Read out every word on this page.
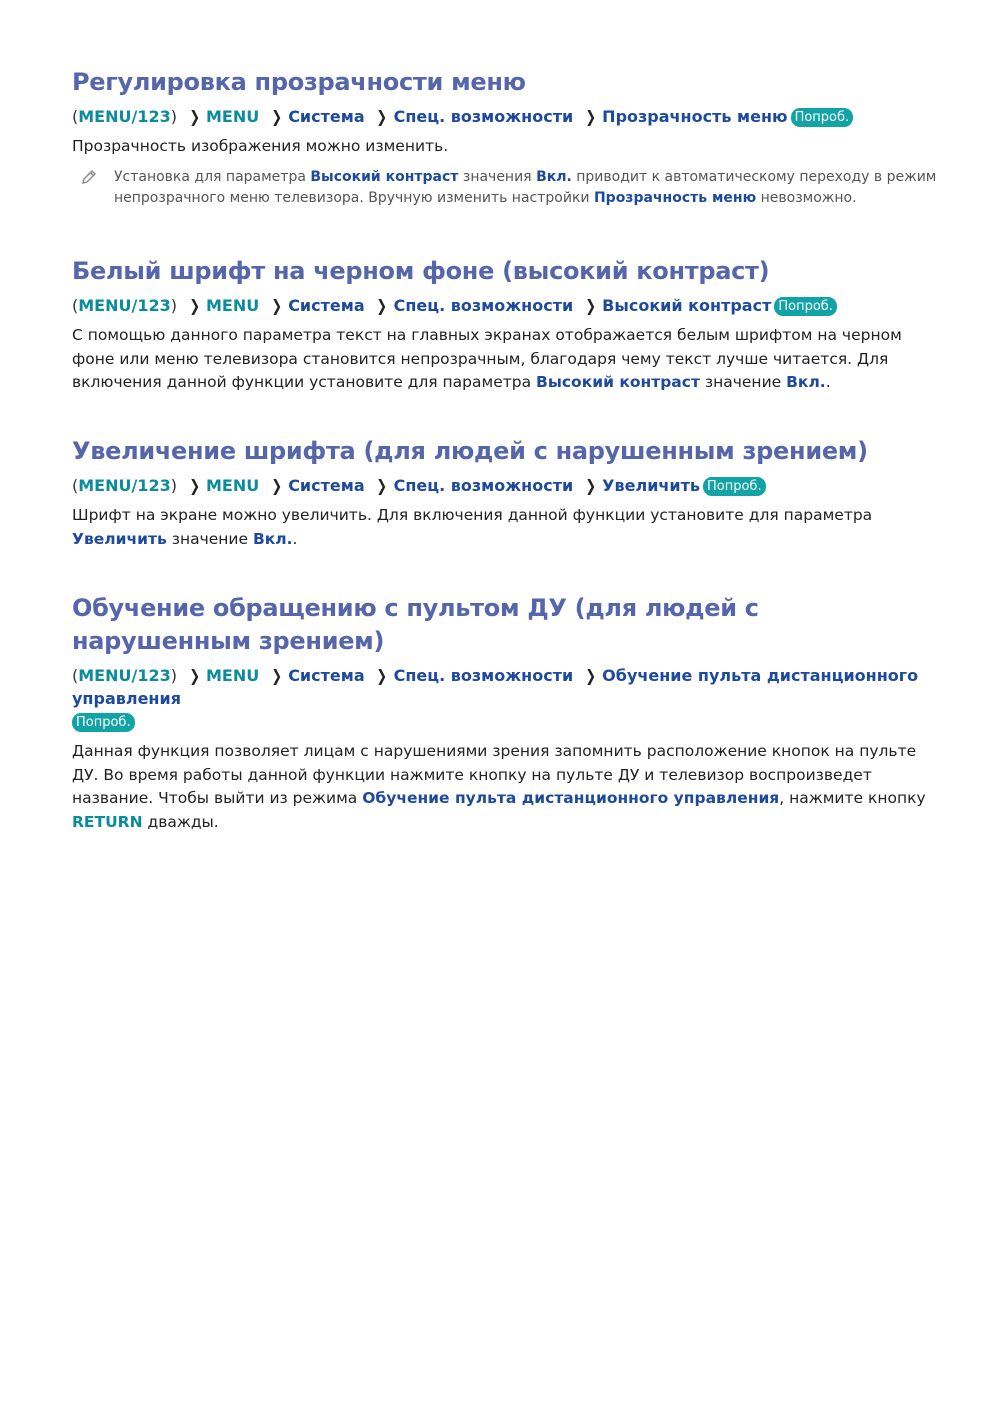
Регулировка прозрачности меню
(MENU/123) ❯ MENU ❯ Система ❯ Спец. возможности ❯ Прозрачность меню Попроб.

Прозрачность изображения можно изменить.

Установка для параметра Высокий контраст значения Вкл. приводит к автоматическому переходу в режим непрозрачного меню телевизора. Вручную изменить настройки Прозрачность меню невозможно.
Белый шрифт на черном фоне (высокий контраст)
(MENU/123) ❯ MENU ❯ Система ❯ Спец. возможности ❯ Высокий контраст Попроб.

С помощью данного параметра текст на главных экранах отображается белым шрифтом на черном фоне или меню телевизора становится непрозрачным, благодаря чему текст лучше читается. Для включения данной функции установите для параметра Высокий контраст значение Вкл..

Увеличение шрифта (для людей с нарушенным зрением)
(MENU/123) ❯ MENU ❯ Система ❯ Спец. возможности ❯ Увеличить Попроб.

Шрифт на экране можно увеличить. Для включения данной функции установите для параметра Увеличить значение Вкл..

Обучение обращению с пультом ДУ (для людей с нарушенным зрением)
(MENU/123) ❯ MENU ❯ Система ❯ Спец. возможности ❯ Обучение пульта дистанционного управления
Попроб.

Данная функция позволяет лицам с нарушениями зрения запомнить расположение кнопок на пульте ДУ. Во время работы данной функции нажмите кнопку на пульте ДУ и телевизор воспроизведет название. Чтобы выйти из режима Обучение пульта дистанционного управления, нажмите кнопку RETURN дважды.
